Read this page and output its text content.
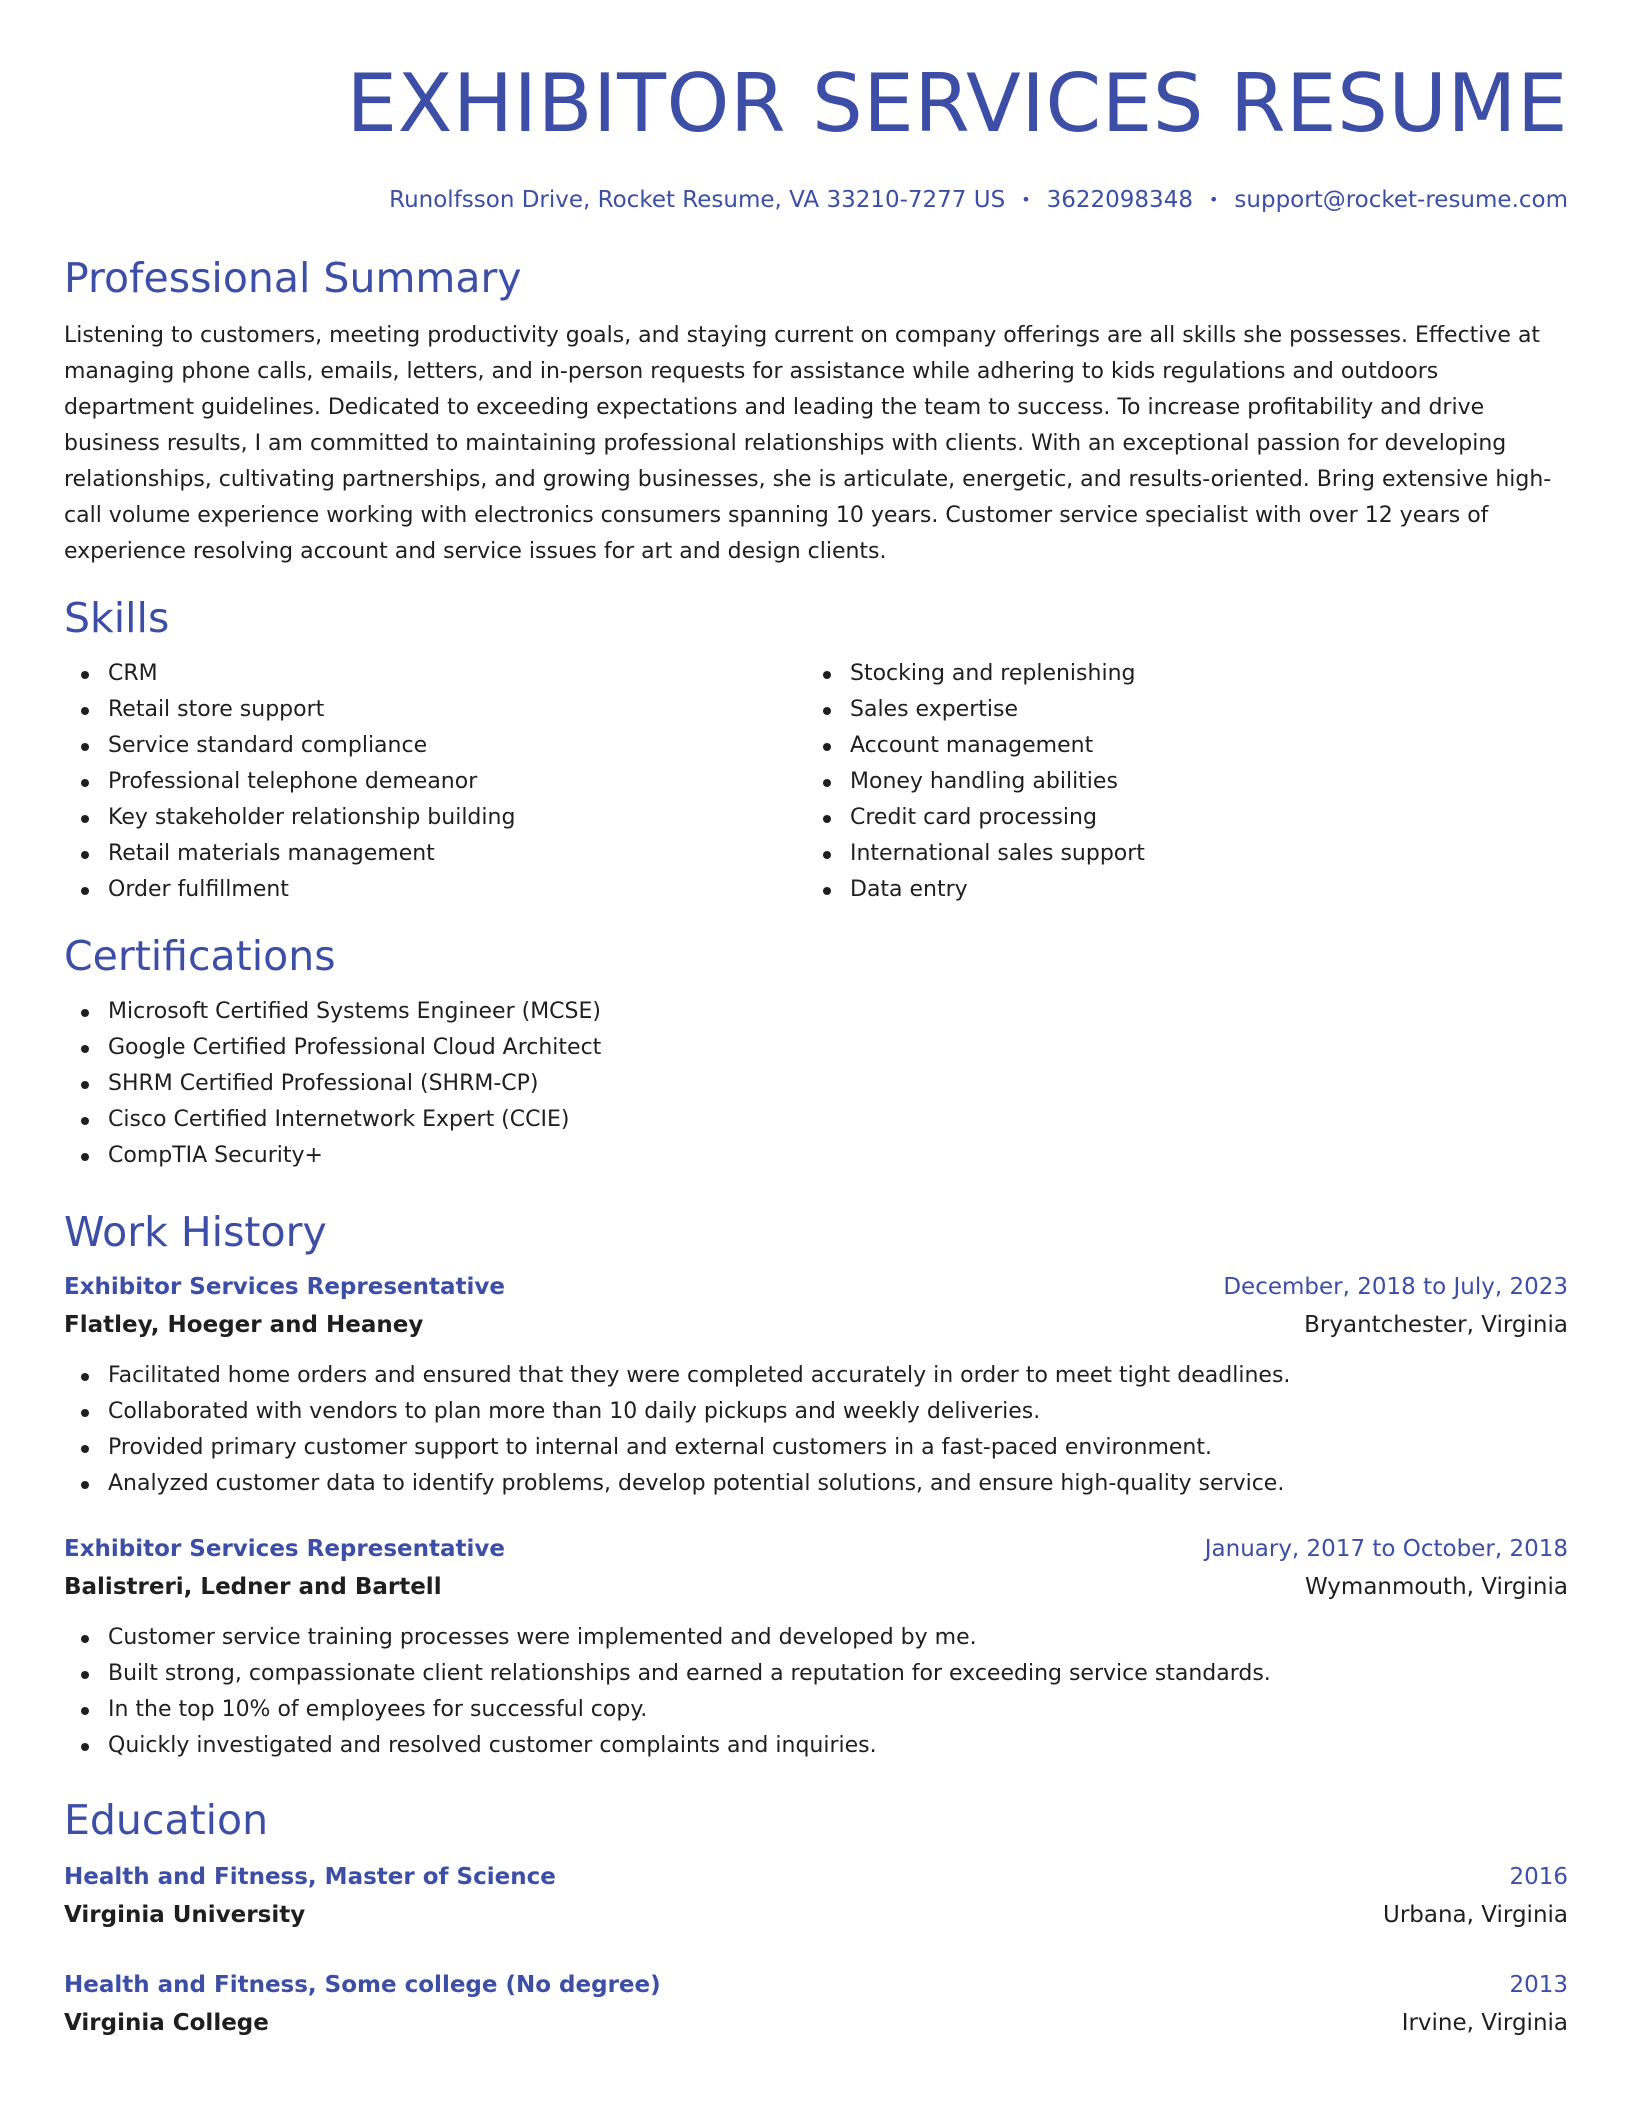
EXHIBITOR SERVICES RESUME
Runolfsson Drive, Rocket Resume, VA 33210-7277 US • 3622098348 • support@rocket-resume.com
Professional Summary

Listening to customers, meeting productivity goals, and staying current on company offerings are all skills she possesses. Effective at managing phone calls, emails, letters, and in-person requests for assistance while adhering to kids regulations and outdoors department guidelines. Dedicated to exceeding expectations and leading the team to success. To increase profitability and drive business results, I am committed to maintaining professional relationships with clients. With an exceptional passion for developing relationships, cultivating partnerships, and growing businesses, she is articulate, energetic, and results-oriented. Bring extensive high-call volume experience working with electronics consumers spanning 10 years. Customer service specialist with over 12 years of experience resolving account and service issues for art and design clients.

Skills
CRM
Retail store support
Service standard compliance
Professional telephone demeanor
Key stakeholder relationship building
Retail materials management
Order fulfillment
Stocking and replenishing
Sales expertise
Account management
Money handling abilities
Credit card processing
International sales support
Data entry
Certifications
Microsoft Certified Systems Engineer (MCSE)
Google Certified Professional Cloud Architect
SHRM Certified Professional (SHRM-CP)
Cisco Certified Internetwork Expert (CCIE)
CompTIA Security+
Work History
Exhibitor Services Representative	December, 2018 to July, 2023
Flatley, Hoeger and Heaney	Bryantchester, Virginia
Facilitated home orders and ensured that they were completed accurately in order to meet tight deadlines.
Collaborated with vendors to plan more than 10 daily pickups and weekly deliveries.
Provided primary customer support to internal and external customers in a fast-paced environment.
Analyzed customer data to identify problems, develop potential solutions, and ensure high-quality service.
Exhibitor Services Representative	January, 2017 to October, 2018
Balistreri, Ledner and Bartell	Wymanmouth, Virginia
Customer service training processes were implemented and developed by me.
Built strong, compassionate client relationships and earned a reputation for exceeding service standards.
In the top 10% of employees for successful copy.
Quickly investigated and resolved customer complaints and inquiries.
Education
Health and Fitness, Master of Science	2016
Virginia University	Urbana, Virginia
Health and Fitness, Some college (No degree)	2013
Virginia College	Irvine, Virginia
